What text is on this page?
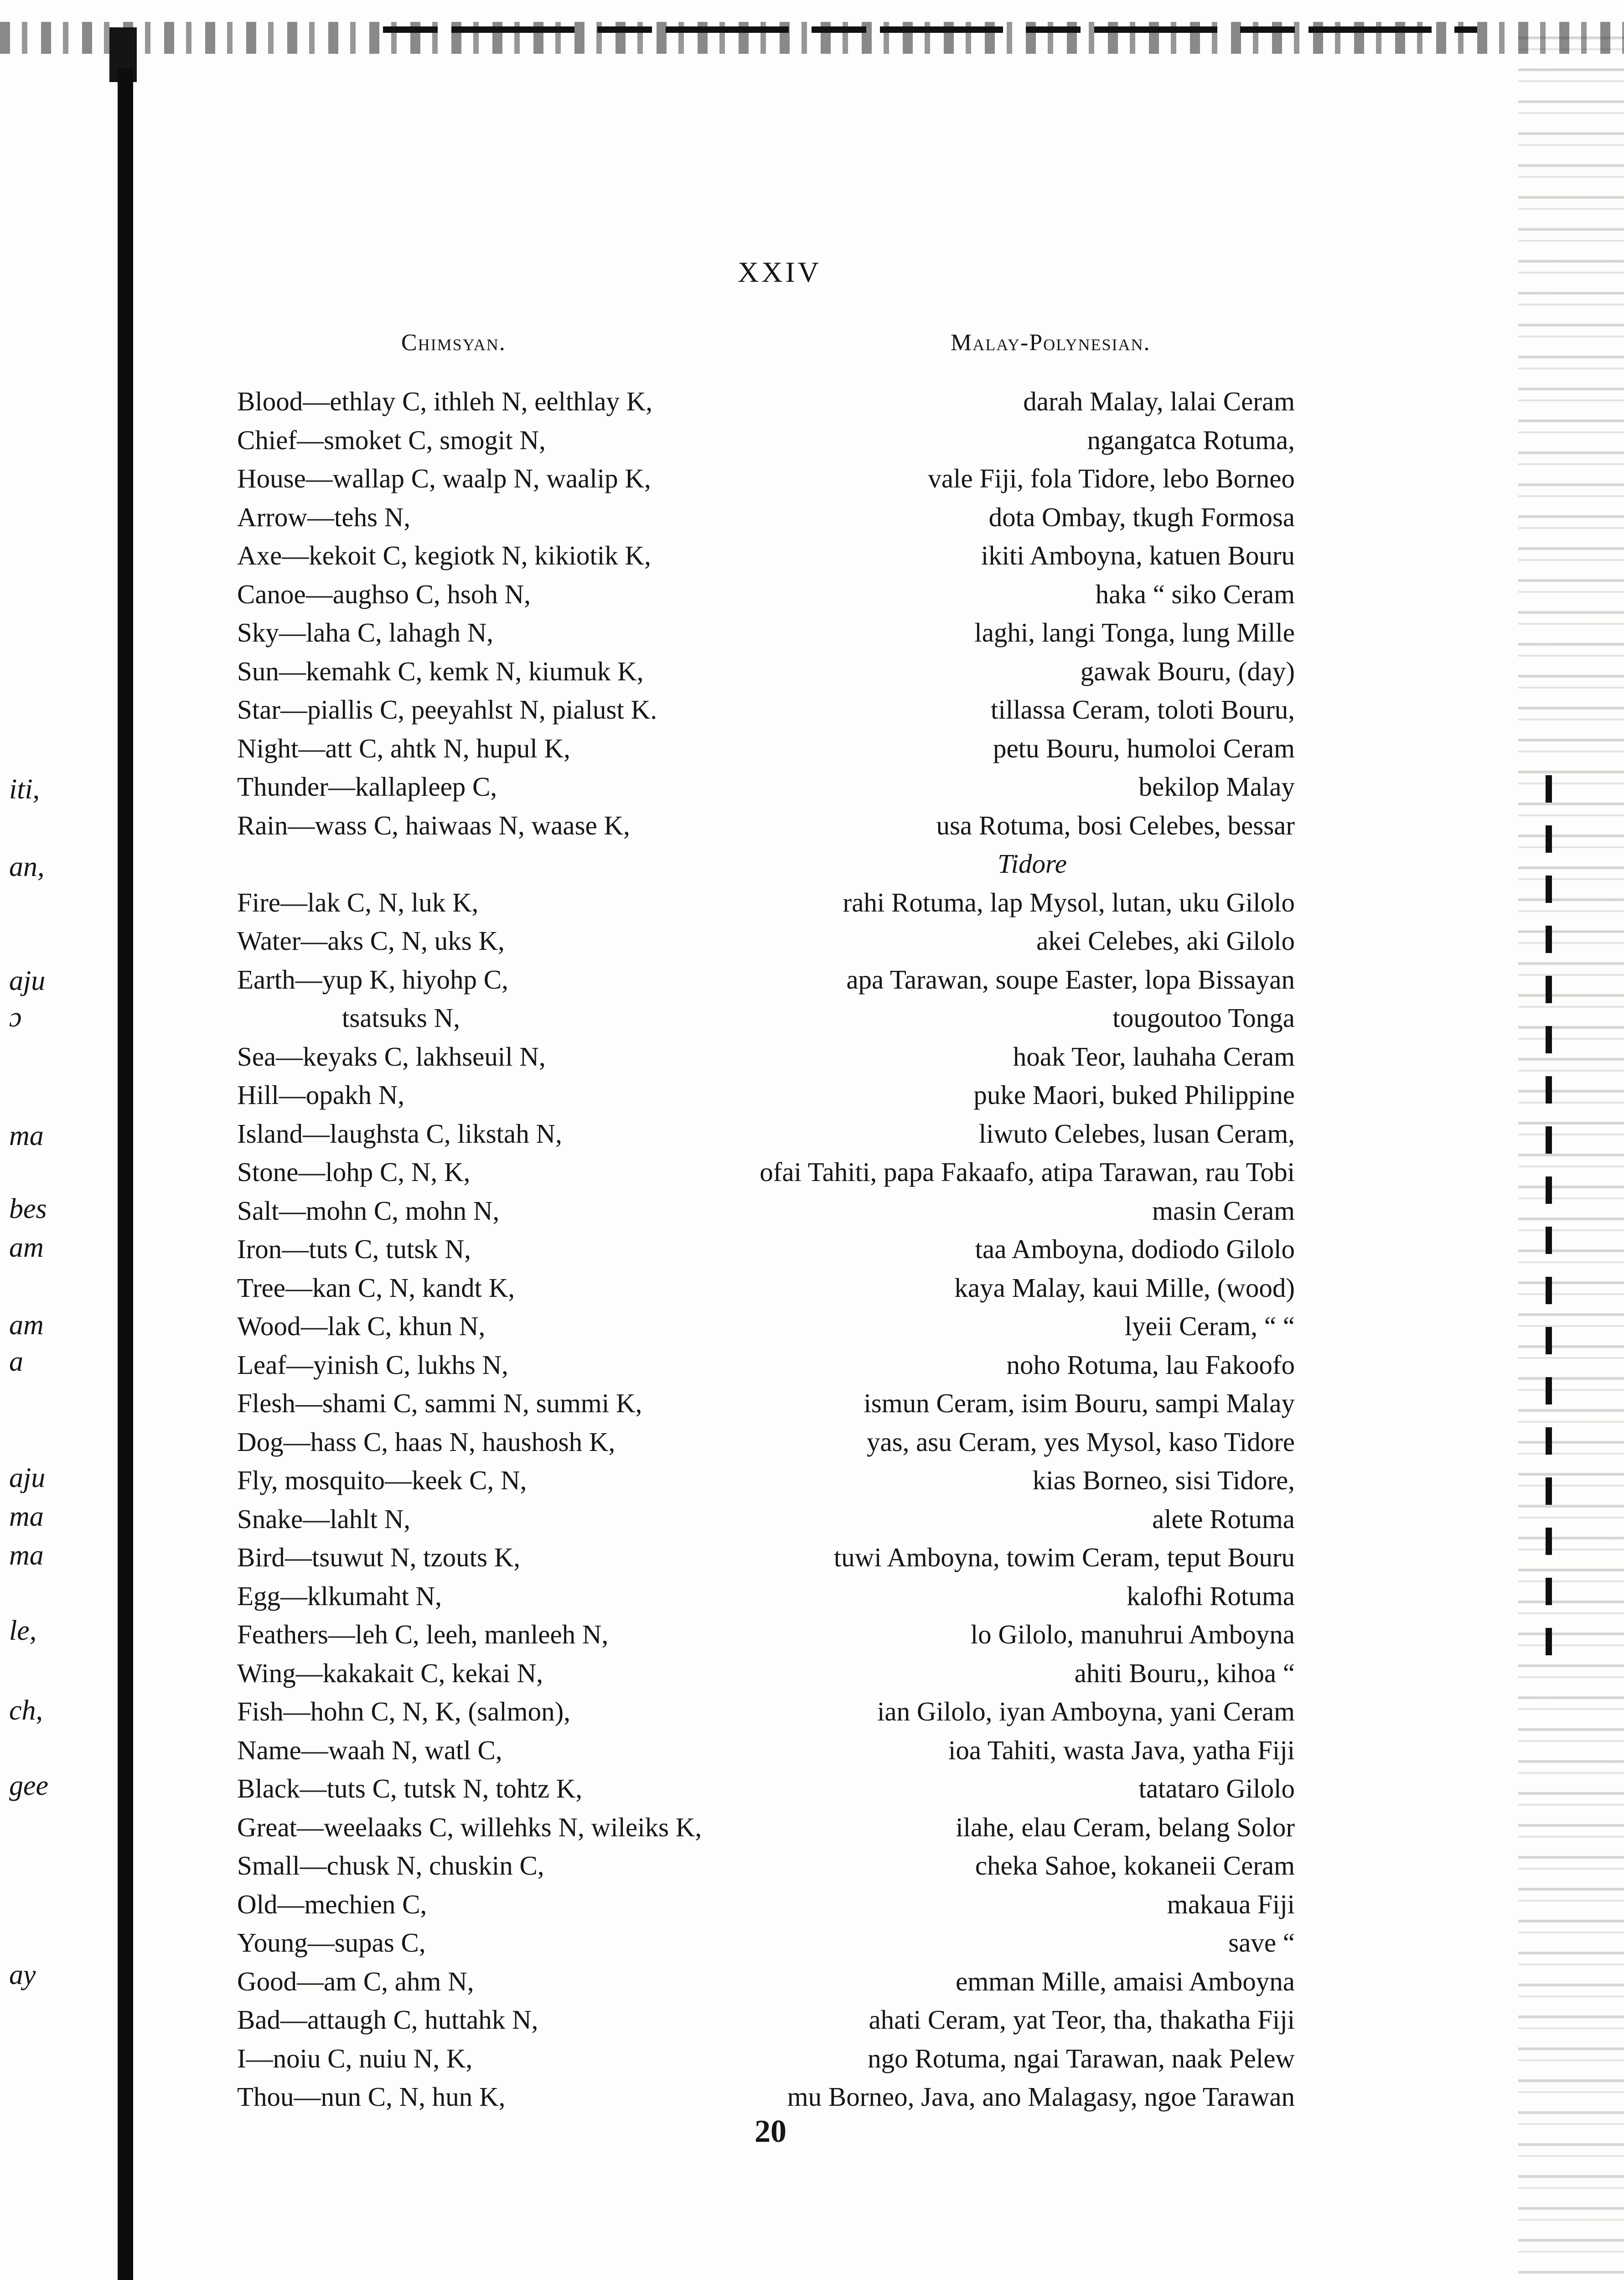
iti,
an,
aju
ɔ
ma
bes
am
am
a
aju
ma
ma
le,
ch,
gee
ay
XXIV
Chimsyan.	Malay-Polynesian.
Blood—ethlay C, ithleh N, eelthlay K,	darah Malay, lalai Ceram
Chief—smoket C, smogit N,	ngangatca Rotuma,
House—wallap C, waalp N, waalip K,	vale Fiji, fola Tidore, lebo Borneo
Arrow—tehs N,	dota Ombay, tkugh Formosa
Axe—kekoit C, kegiotk N, kikiotik K,	ikiti Amboyna, katuen Bouru
Canoe—aughso C, hsoh N,	haka “ siko Ceram
Sky—laha C, lahagh N,	laghi, langi Tonga, lung Mille
Sun—kemahk C, kemk N, kiumuk K,	gawak Bouru, (day)
Star—piallis C, peeyahlst N, pialust K.	tillassa Ceram, toloti Bouru,
Night—att C, ahtk N, hupul K,	petu Bouru, humoloi Ceram
Thunder—kallapleep C,	bekilop Malay
Rain—wass C, haiwaas N, waase K,	usa Rotuma, bosi Celebes, bessar
Tidore
Fire—lak C, N, luk K,	rahi Rotuma, lap Mysol, lutan, uku Gilolo
Water—aks C, N, uks K,	akei Celebes, aki Gilolo
Earth—yup K, hiyohp C,	apa Tarawan, soupe Easter, lopa Bissayan
tsatsuks N,	tougoutoo Tonga
Sea—keyaks C, lakhseuil N,	hoak Teor, lauhaha Ceram
Hill—opakh N,	puke Maori, buked Philippine
Island—laughsta C, likstah N,	liwuto Celebes, lusan Ceram,
Stone—lohp C, N, K,	ofai Tahiti, papa Fakaafo, atipa Tarawan, rau Tobi
Salt—mohn C, mohn N,	masin Ceram
Iron—tuts C, tutsk N,	taa Amboyna, dodiodo Gilolo
Tree—kan C, N, kandt K,	kaya Malay, kaui Mille, (wood)
Wood—lak C, khun N,	lyeii Ceram, “ “
Leaf—yinish C, lukhs N,	noho Rotuma, lau Fakoofo
Flesh—shami C, sammi N, summi K,	ismun Ceram, isim Bouru, sampi Malay
Dog—hass C, haas N, haushosh K,	yas, asu Ceram, yes Mysol, kaso Tidore
Fly, mosquito—keek C, N,	kias Borneo, sisi Tidore,
Snake—lahlt N,	alete Rotuma
Bird—tsuwut N, tzouts K,	tuwi Amboyna, towim Ceram, teput Bouru
Egg—klkumaht N,	kalofhi Rotuma
Feathers—leh C, leeh, manleeh N,	lo Gilolo, manuhrui Amboyna
Wing—kakakait C, kekai N,	ahiti Bouru,, kihoa “
Fish—hohn C, N, K, (salmon),	ian Gilolo, iyan Amboyna, yani Ceram
Name—waah N, watl C,	ioa Tahiti, wasta Java, yatha Fiji
Black—tuts C, tutsk N, tohtz K,	tatataro Gilolo
Great—weelaaks C, willehks N, wileiks K,	ilahe, elau Ceram, belang Solor
Small—chusk N, chuskin C,	cheka Sahoe, kokaneii Ceram
Old—mechien C,	makaua Fiji
Young—supas C,	save “
Good—am C, ahm N,	emman Mille, amaisi Amboyna
Bad—attaugh C, huttahk N,	ahati Ceram, yat Teor, tha, thakatha Fiji
I—noiu C, nuiu N, K,	ngo Rotuma, ngai Tarawan, naak Pelew
Thou—nun C, N, hun K,	mu Borneo, Java, ano Malagasy, ngoe Tarawan
20
